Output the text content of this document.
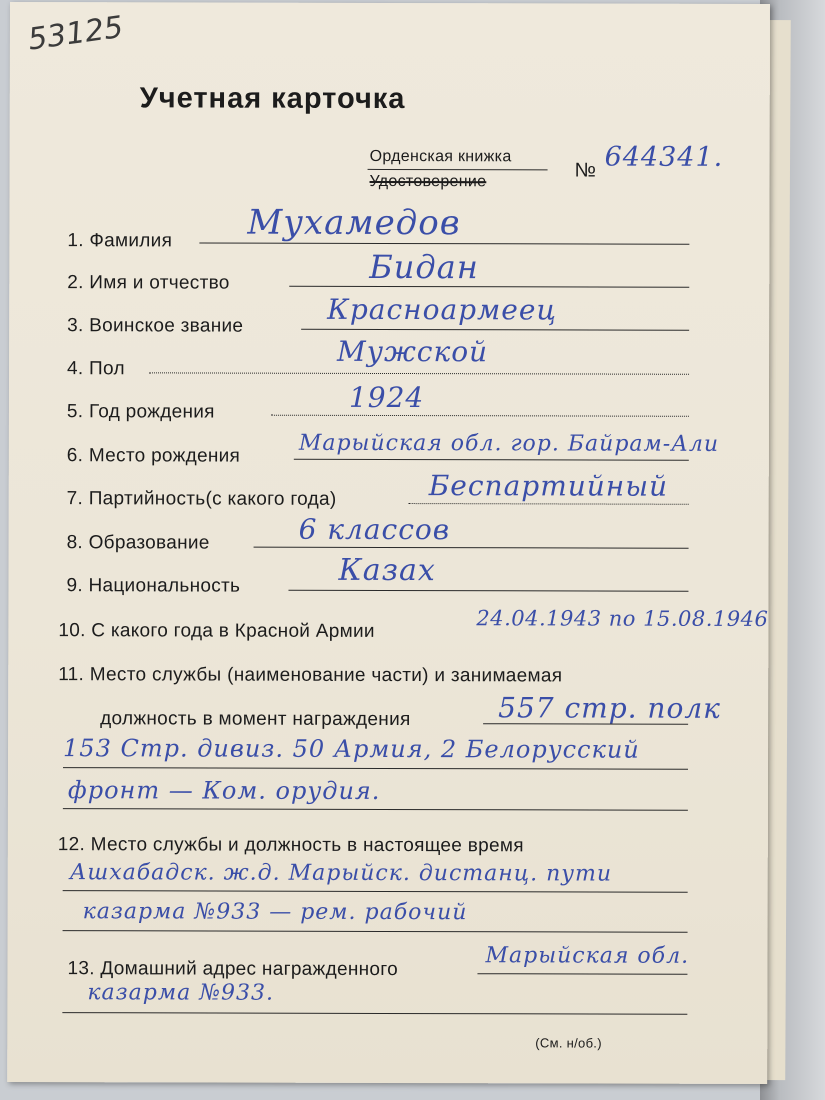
53125
Учетная карточка
Орденская книжка
Удостоверение
№ 644341.
1. Фамилия Мухамедов
2. Имя и отчество	Бидан
3. Воинское звание	Красноармеец
4. Пол
Мужской
5. Год рождения	1924
6. Место рождения	Марыйская обл. гор. Байрам-Али
7. Партийность(с какого года)	Беспартийный
8. Образование	6 классов
9. Национальность	Казах
10. С какого года в Красной Армии
24.04.1943 по 15.08.1946
11. Место службы (наименование части) и занимаемая
должность в момент награждения	557 стр. полк
153 Стр. дивиз. 50 Армия, 2 Белорусский
фронт — Ком. орудия.
12. Место службы и должность в настоящее время
Ашхабадск. ж.д. Марыйск. дистанц. пути
казарма №933 — рем. рабочий
13. Домашний адрес награжденного
Марыйская обл.
казарма №933.
(См. н/об.)
